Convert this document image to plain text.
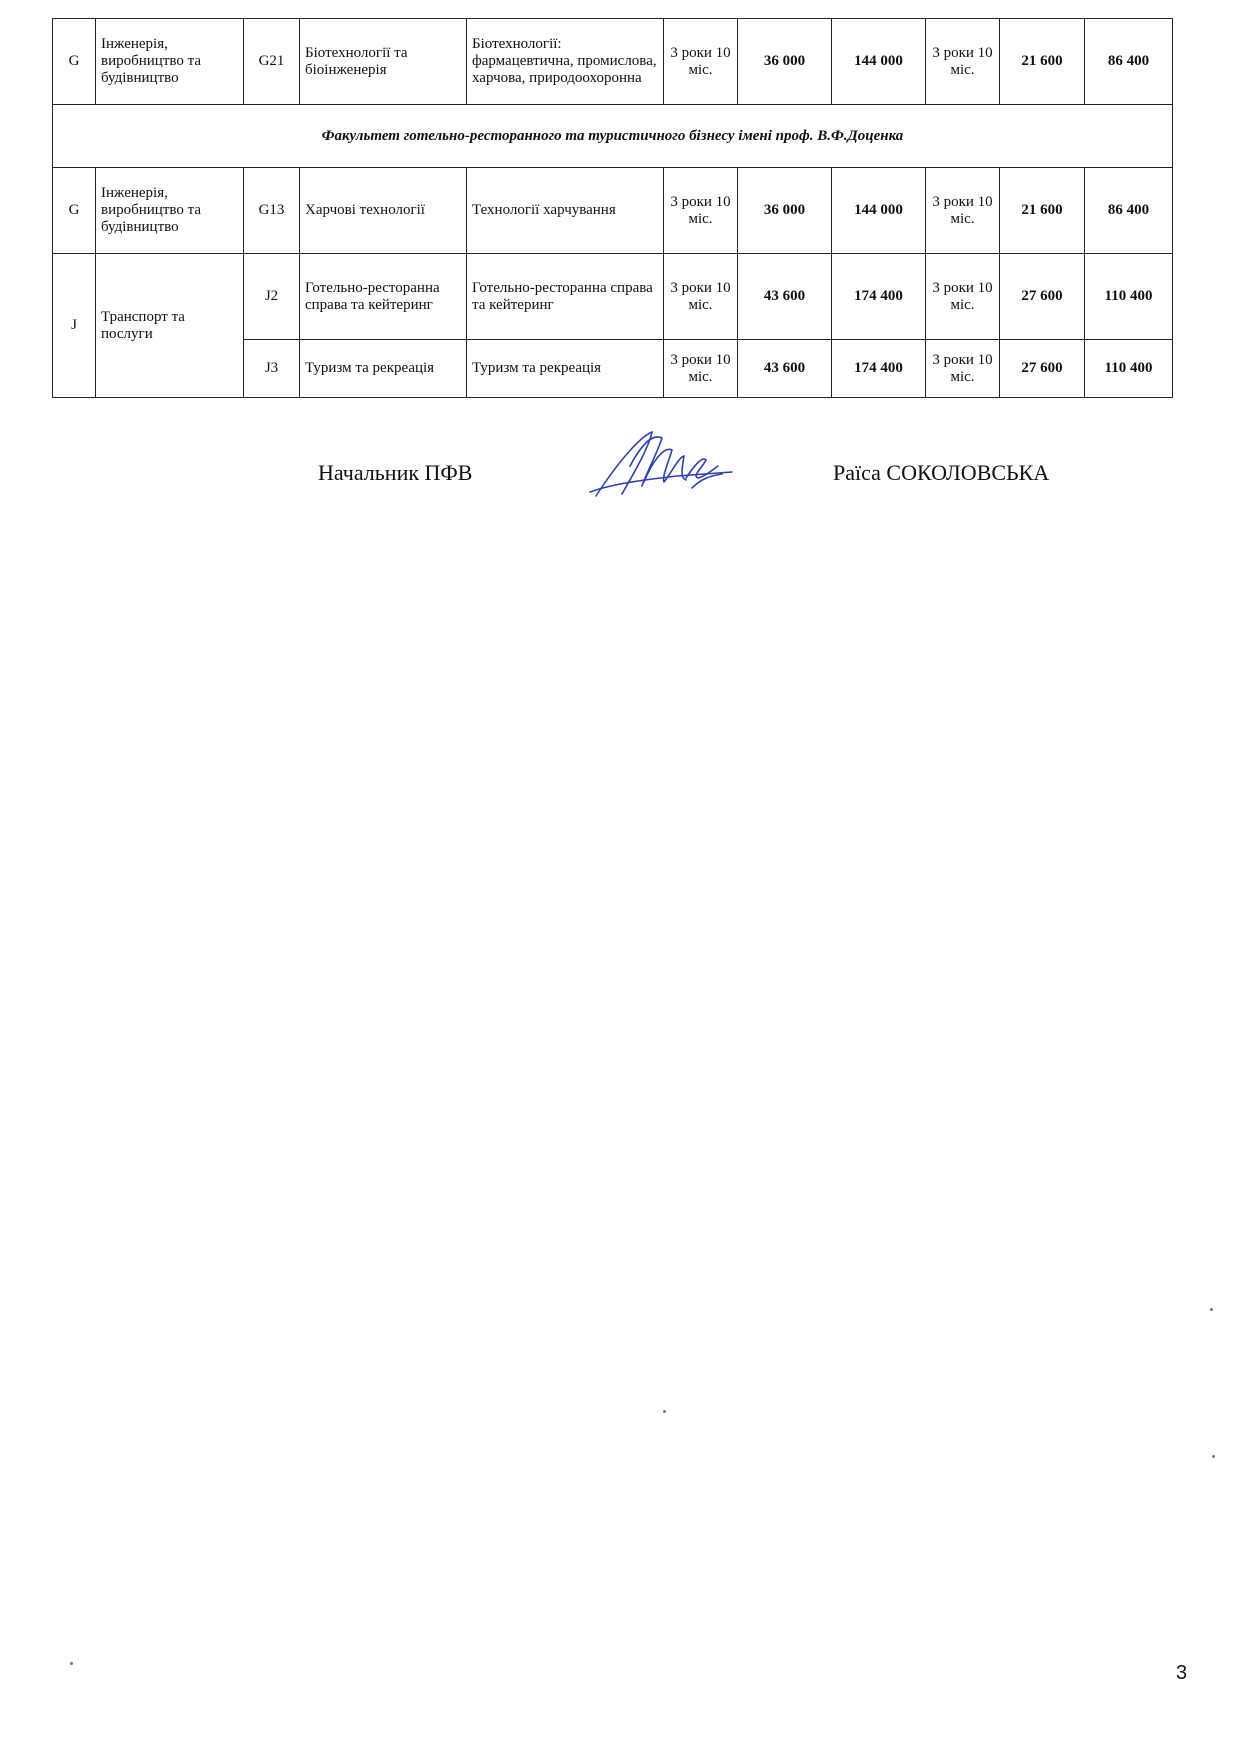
G	Інженерія, виробництво та будівництво	G21	Біотехнології та біоінженерія	Біотехнології: фармацевтична, промислова, харчова, природоохоронна	3 роки 10 міс.	36 000	144 000	3 роки 10 міс.	21 600	86 400
Факультет готельно-ресторанного та туристичного бізнесу імені проф. В.Ф.Доценка										
G	Інженерія, виробництво та будівництво	G13	Харчові технології	Технології харчування	3 роки 10 міс.	36 000	144 000	3 роки 10 міс.	21 600	86 400
J	Транспорт та послуги	J2	Готельно-ресторанна справа та кейтеринг	Готельно-ресторанна справа та кейтеринг	3 роки 10 міс.	43 600	174 400	3 роки 10 міс.	27 600	110 400
		J3	Туризм та рекреація	Туризм та рекреація	3 роки 10 міс.	43 600	174 400	3 роки 10 міс.	27 600	110 400
Начальник ПФВ	Раїса СОКОЛОВСЬКА
3
